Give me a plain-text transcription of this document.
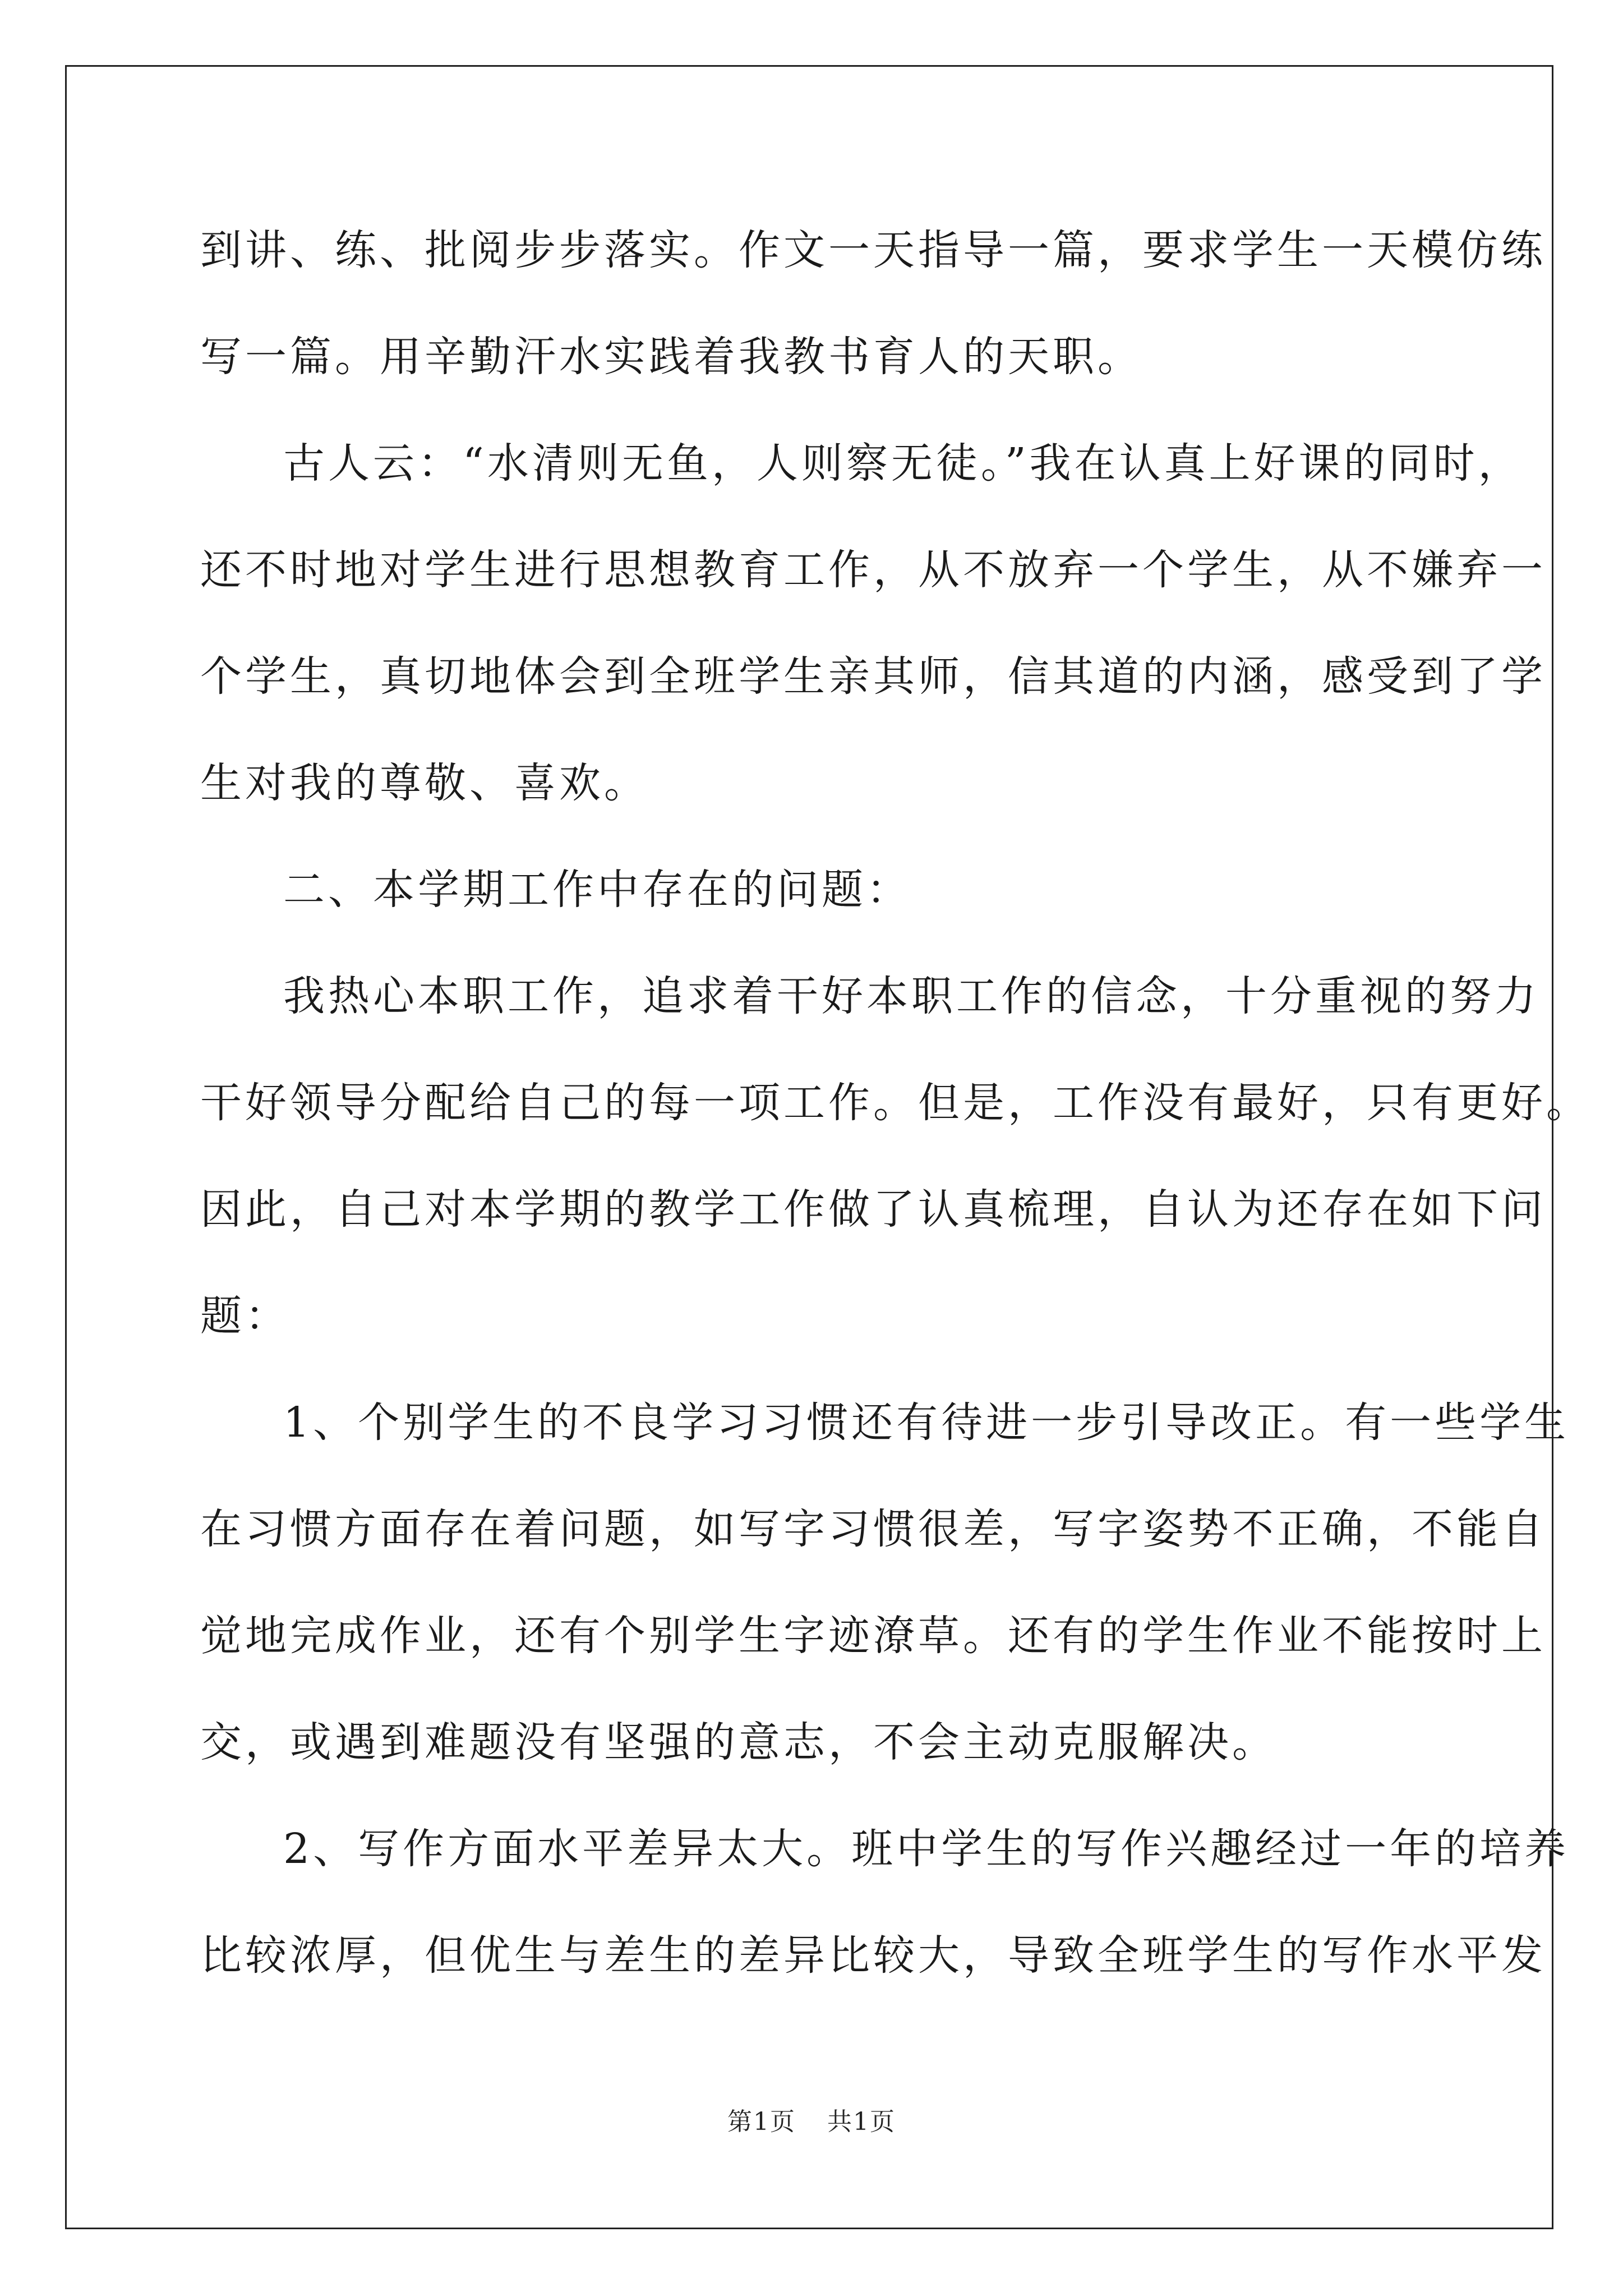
到讲、练、批阅步步落实。作文一天指导一篇，要求学生一天模仿练
写一篇。用辛勤汗水实践着我教书育人的天职。
古人云：“水清则无鱼，人则察无徒。”我在认真上好课的同时，
还不时地对学生进行思想教育工作，从不放弃一个学生，从不嫌弃一
个学生，真切地体会到全班学生亲其师，信其道的内涵，感受到了学
生对我的尊敬、喜欢。
二、本学期工作中存在的问题：
我热心本职工作，追求着干好本职工作的信念，十分重视的努力
干好领导分配给自己的每一项工作。但是，工作没有最好，只有更好。
因此，自己对本学期的教学工作做了认真梳理，自认为还存在如下问
题：
1、个别学生的不良学习习惯还有待进一步引导改正。有一些学生
在习惯方面存在着问题，如写字习惯很差，写字姿势不正确，不能自
觉地完成作业，还有个别学生字迹潦草。还有的学生作业不能按时上
交，或遇到难题没有坚强的意志，不会主动克服解决。
2、写作方面水平差异太大。班中学生的写作兴趣经过一年的培养
比较浓厚，但优生与差生的差异比较大，导致全班学生的写作水平发
第1页 共1页
